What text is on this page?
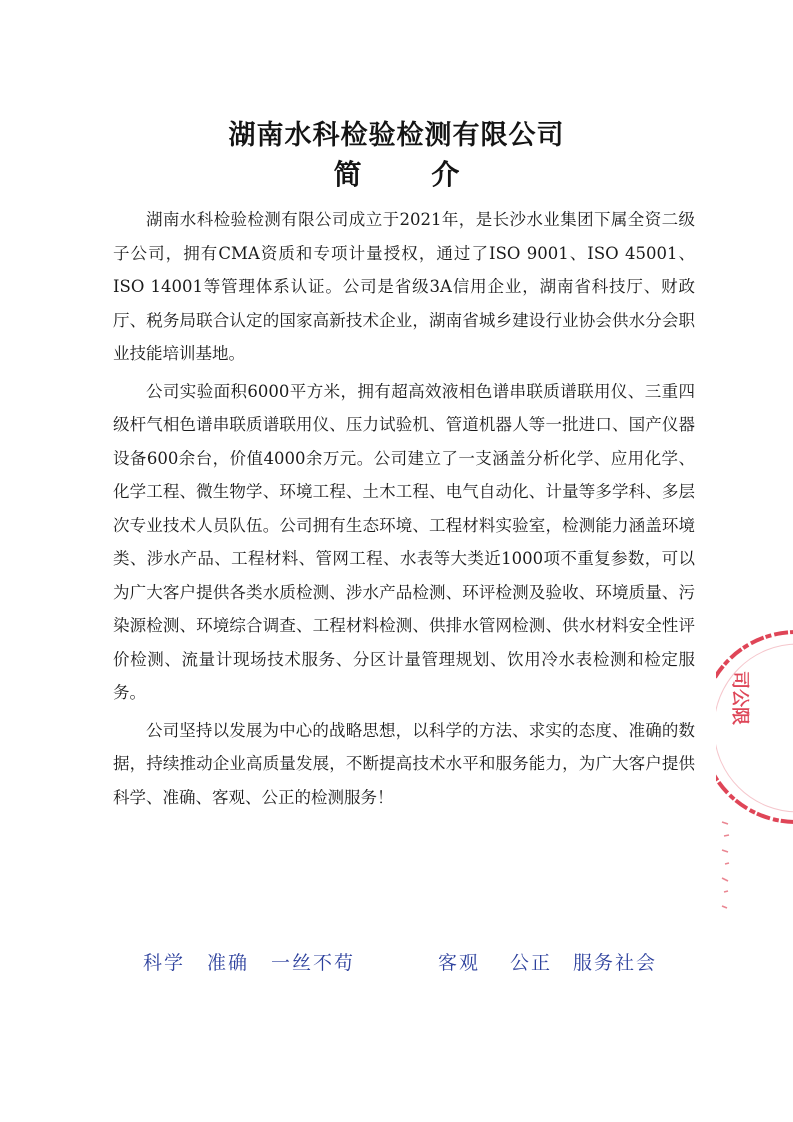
湖南水科检验检测有限公司
简 介

湖南水科检验检测有限公司成立于2021年，是长沙水业集团下属全资二级子公司，拥有CMA资质和专项计量授权，通过了ISO 9001、ISO 45001、ISO 14001等管理体系认证。公司是省级3A信用企业，湖南省科技厅、财政厅、税务局联合认定的国家高新技术企业，湖南省城乡建设行业协会供水分会职业技能培训基地。

公司实验面积6000平方米，拥有超高效液相色谱串联质谱联用仪、三重四级杆气相色谱串联质谱联用仪、压力试验机、管道机器人等一批进口、国产仪器设备600余台，价值4000余万元。公司建立了一支涵盖分析化学、应用化学、化学工程、微生物学、环境工程、土木工程、电气自动化、计量等多学科、多层次专业技术人员队伍。公司拥有生态环境、工程材料实验室，检测能力涵盖环境类、涉水产品、工程材料、管网工程、水表等大类近1000项不重复参数，可以为广大客户提供各类水质检测、涉水产品检测、环评检测及验收、环境质量、污染源检测、环境综合调查、工程材料检测、供排水管网检测、供水材料安全性评价检测、流量计现场技术服务、分区计量管理规划、饮用冷水表检测和检定服务。

公司坚持以发展为中心的战略思想，以科学的方法、求实的态度、准确的数据，持续推动企业高质量发展，不断提高技术水平和服务能力，为广大客户提供科学、准确、客观、公正的检测服务！

科学 准确 一丝不苟	客观 公正 服务社会
司公限
